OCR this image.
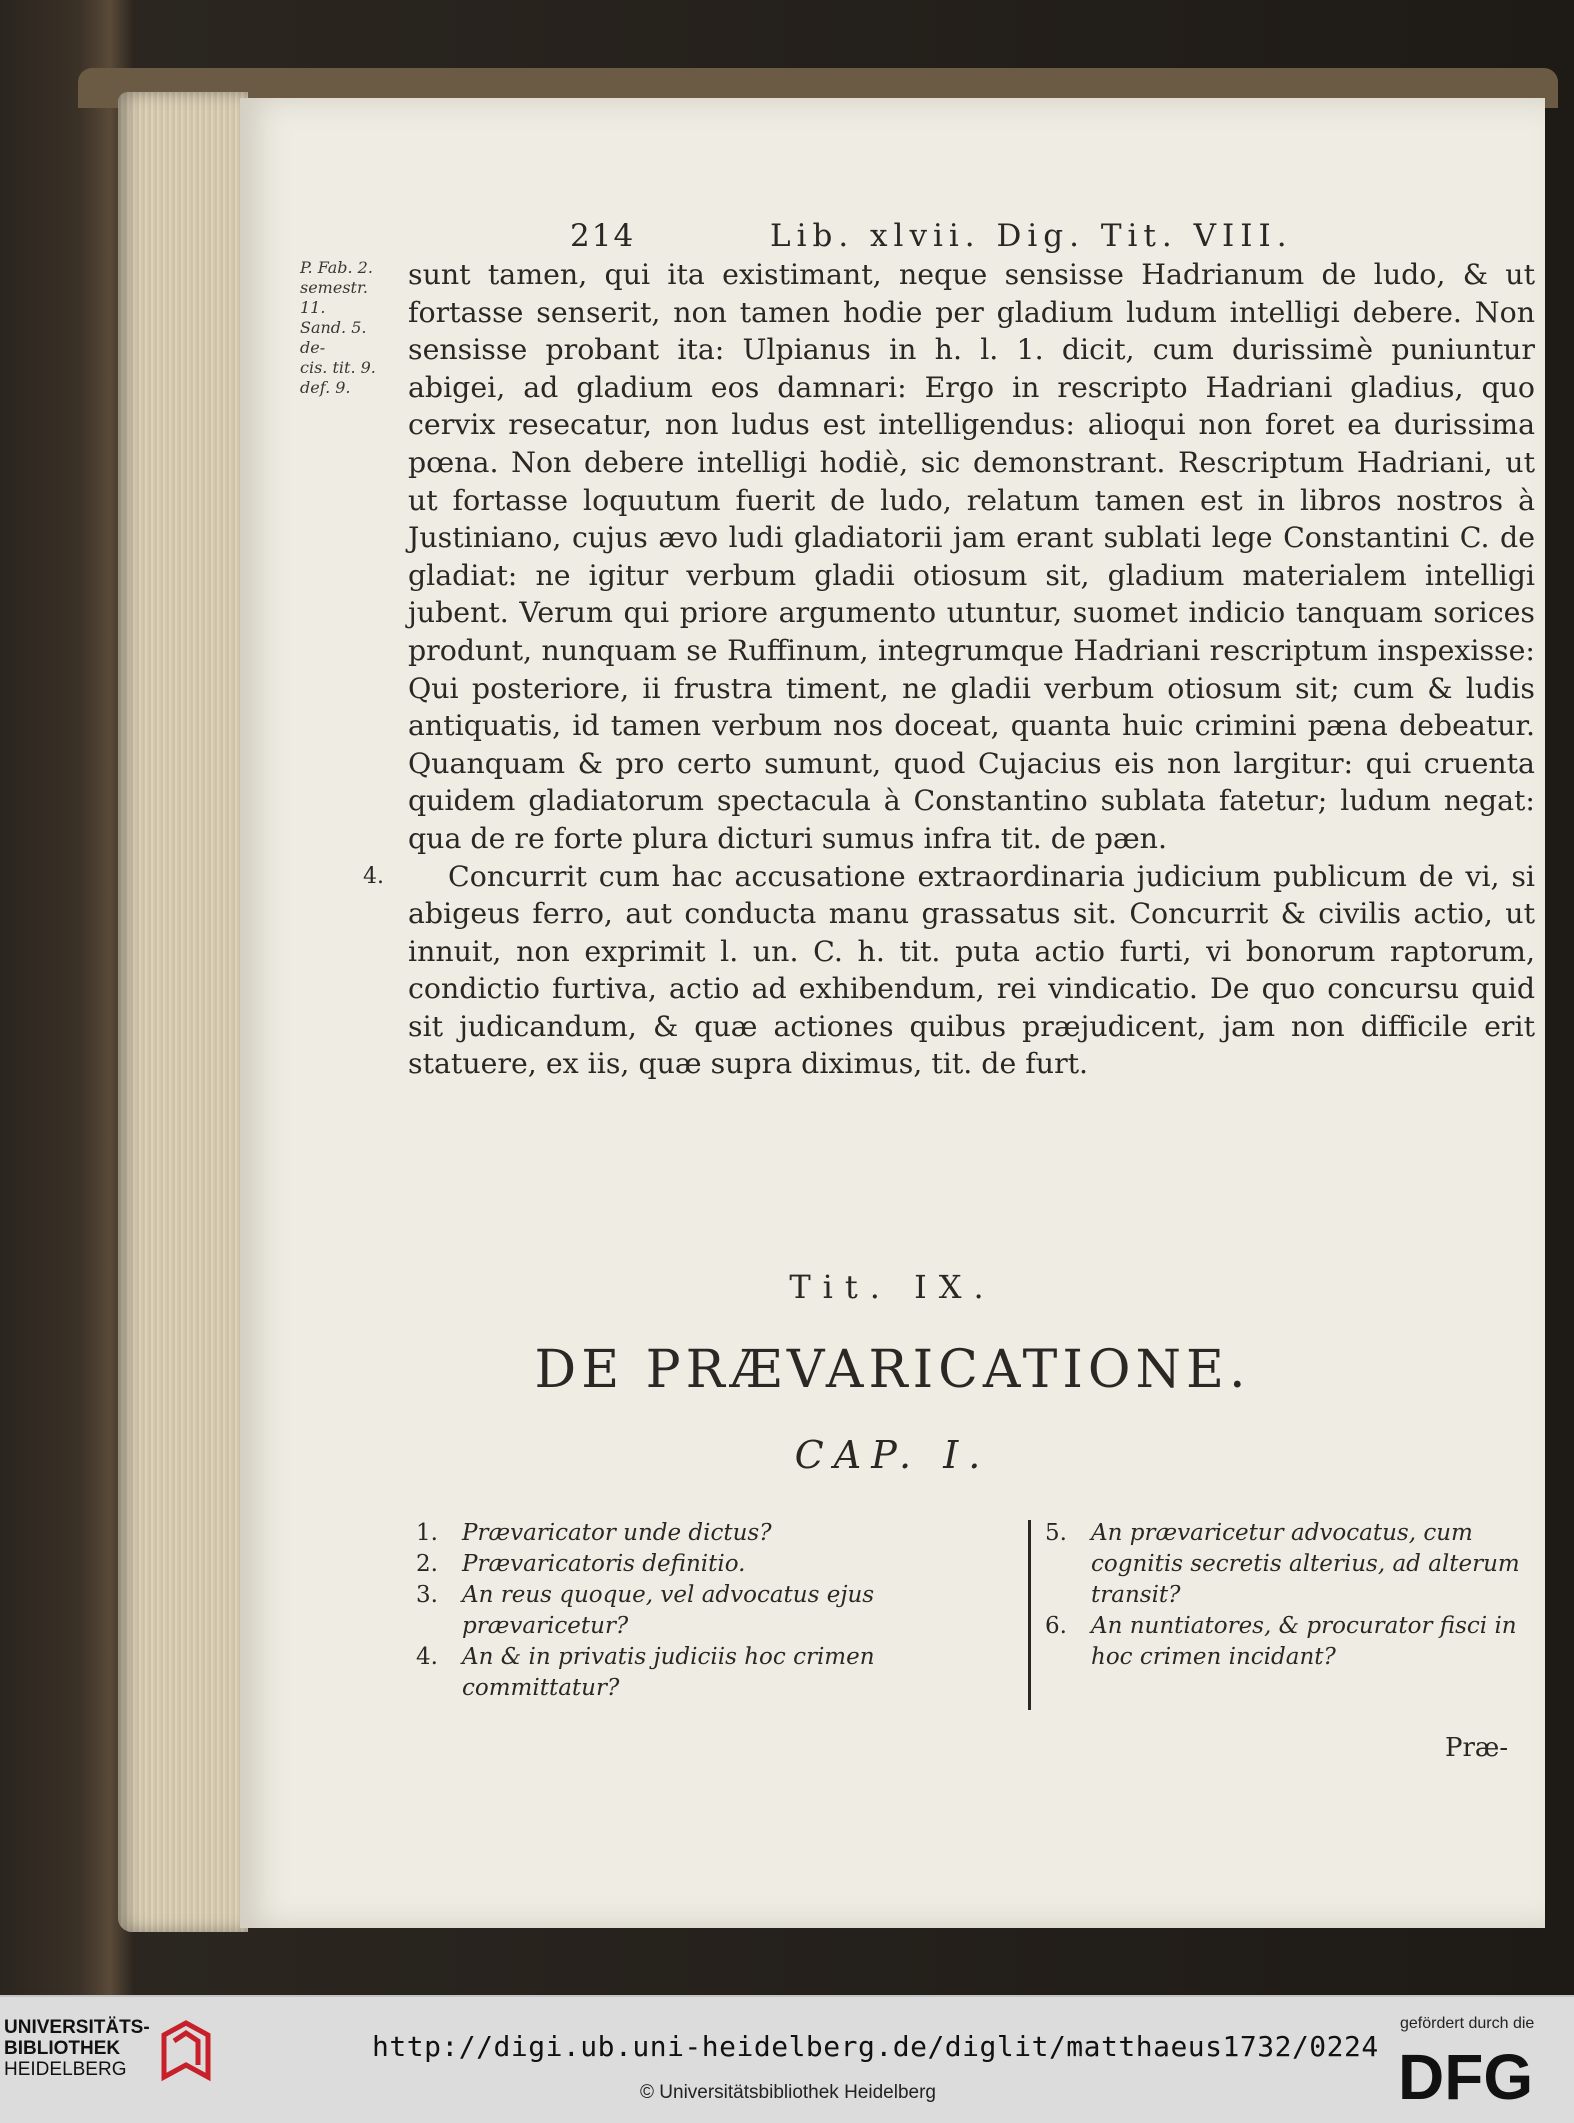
214	Lib. xlvii. Dig. Tit. VIII.
P. Fab. 2.
semestr. 11.
Sand. 5. de-
cis. tit. 9.
def. 9.

sunt tamen, qui ita existimant, neque sensisse Hadrianum de ludo, & ut fortasse senserit, non tamen hodie per gladium ludum intelligi debere. Non sensisse probant ita: Ulpianus in h. l. 1. dicit, cum durissimè puniuntur abigei, ad gladium eos damnari: Ergo in rescripto Hadriani gladius, quo cervix resecatur, non ludus est intelligendus: alioqui non foret ea durissima pœna. Non debere intelligi hodiè, sic demonstrant. Rescriptum Hadriani, ut ut fortasse loquutum fuerit de ludo, relatum tamen est in libros nostros à Justiniano, cujus ævo ludi gladiatorii jam erant sublati lege Constantini C. de gladiat: ne igitur verbum gladii otiosum sit, gladium materialem intelligi jubent. Verum qui priore argumento utuntur, suomet indicio tanquam sorices produnt, nunquam se Ruffinum, integrumque Hadriani rescriptum inspexisse: Qui posteriore, ii frustra timent, ne gladii verbum otiosum sit; cum & ludis antiquatis, id tamen verbum nos doceat, quanta huic crimini pæna debeatur. Quanquam & pro certo sumunt, quod Cujacius eis non largitur: qui cruenta quidem gladiatorum spectacula à Constantino sublata fatetur; ludum negat: qua de re forte plura dicturi sumus infra tit. de pæn.

4.	Concurrit cum hac accusatione extraordinaria judicium publicum de vi, si abigeus ferro, aut conducta manu grassatus sit. Concurrit & civilis actio, ut innuit, non exprimit l. un. C. h. tit. puta actio furti, vi bonorum raptorum, condictio furtiva, actio ad exhibendum, rei vindicatio. De quo concursu quid sit judicandum, & quæ actiones quibus præjudicent, jam non difficile erit statuere, ex iis, quæ supra diximus, tit. de furt.

Tit. IX.
DE PRÆVARICATIONE.
CAP. I.
1. Prævaricator unde dictus?
2. Prævaricatoris definitio.
3. An reus quoque, vel advocatus ejus prævaricetur?
4. An & in privatis judiciis hoc crimen committatur?
5. An prævaricetur advocatus, cum cognitis secretis alterius, ad alterum transit?
6. An nuntiatores, & procurator fisci in hoc crimen incidant?
Præ-
UNIVERSITÄTS-
BIBLIOTHEK
HEIDELBERG
http://digi.ub.uni-heidelberg.de/diglit/matthaeus1732/0224
© Universitätsbibliothek Heidelberg
gefördert durch die
DFG
